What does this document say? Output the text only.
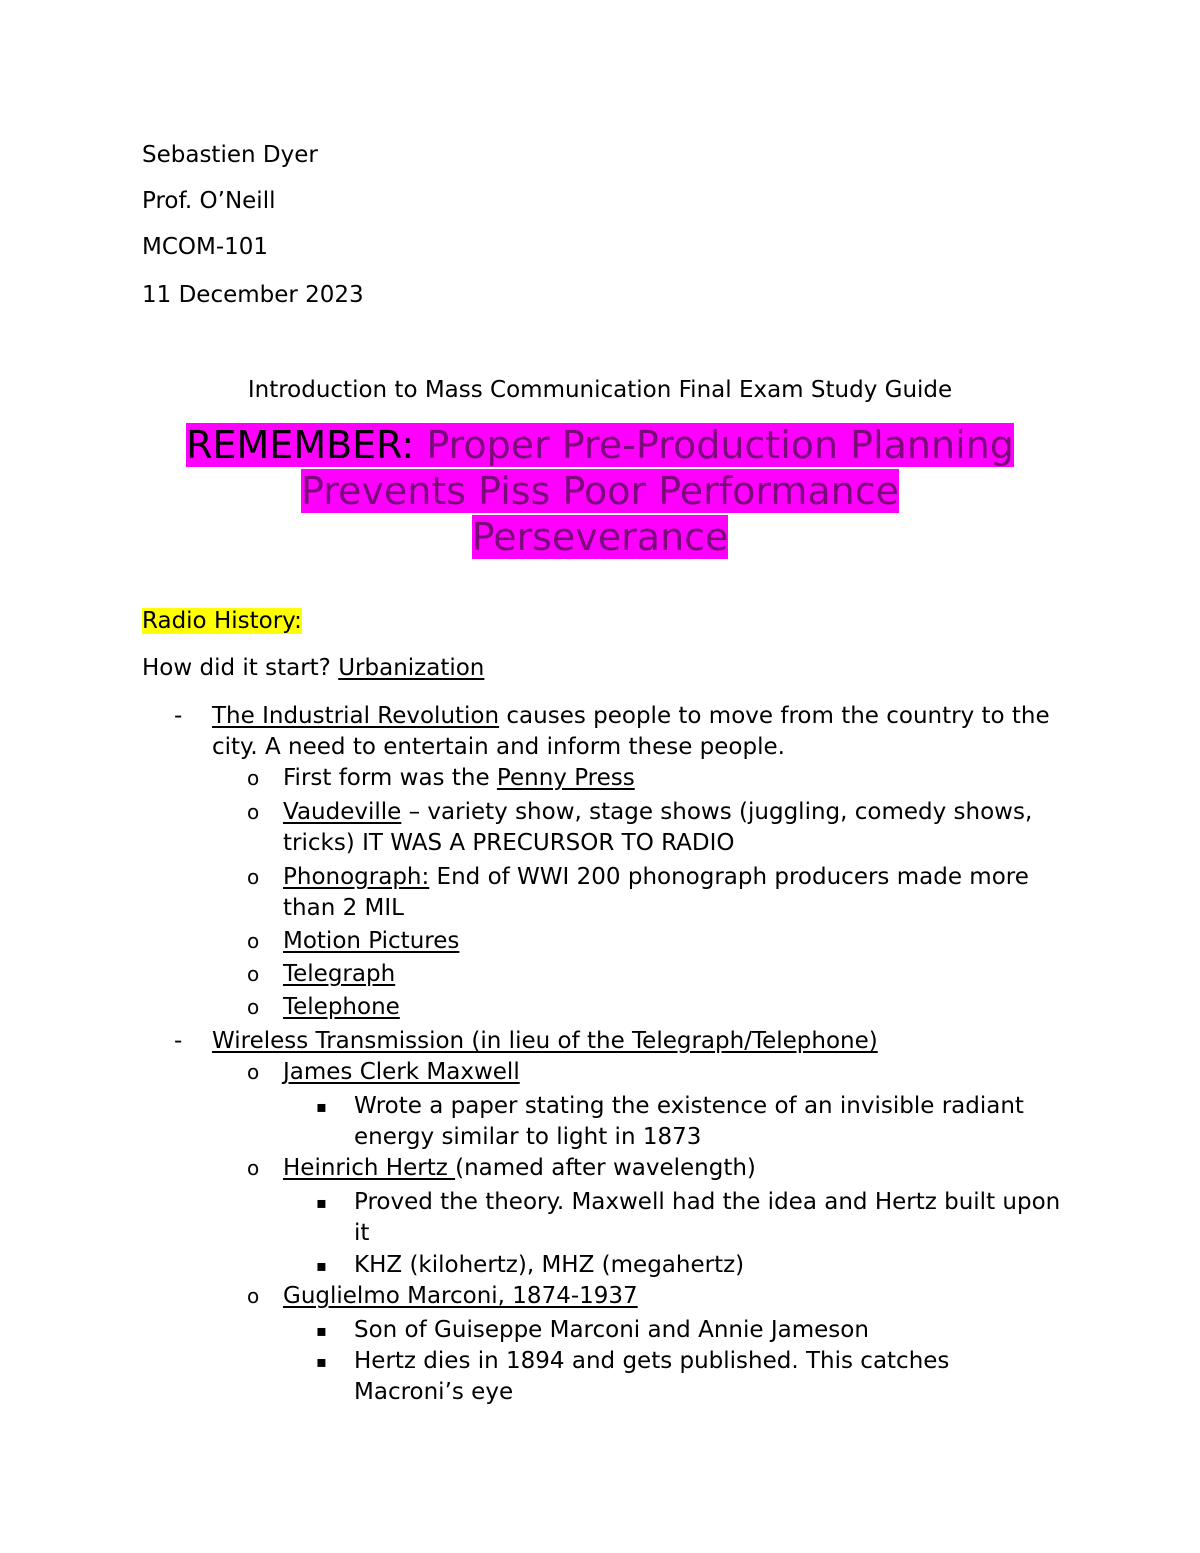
Sebastien Dyer

Prof. O’Neill

MCOM-101

11 December 2023

Introduction to Mass Communication Final Exam Study Guide

REMEMBER: Proper Pre-Production Planning
Prevents Piss Poor Performance
Perseverance

Radio History:

How did it start? Urbanization

- The Industrial Revolution causes people to move from the country to the city. A need to entertain and inform these people.
o First form was the Penny Press
o Vaudeville – variety show, stage shows (juggling, comedy shows, tricks) IT WAS A PRECURSOR TO RADIO
o Phonograph: End of WWI 200 phonograph producers made more than 2 MIL
o Motion Pictures
o Telegraph
o Telephone
- Wireless Transmission (in lieu of the Telegraph/Telephone)
o James Clerk Maxwell
▪ Wrote a paper stating the existence of an invisible radiant energy similar to light in 1873
o Heinrich Hertz (named after wavelength)
▪ Proved the theory. Maxwell had the idea and Hertz built upon it
▪ KHZ (kilohertz), MHZ (megahertz)
o Guglielmo Marconi, 1874-1937
▪ Son of Guiseppe Marconi and Annie Jameson
▪ Hertz dies in 1894 and gets published. This catches Macroni’s eye
